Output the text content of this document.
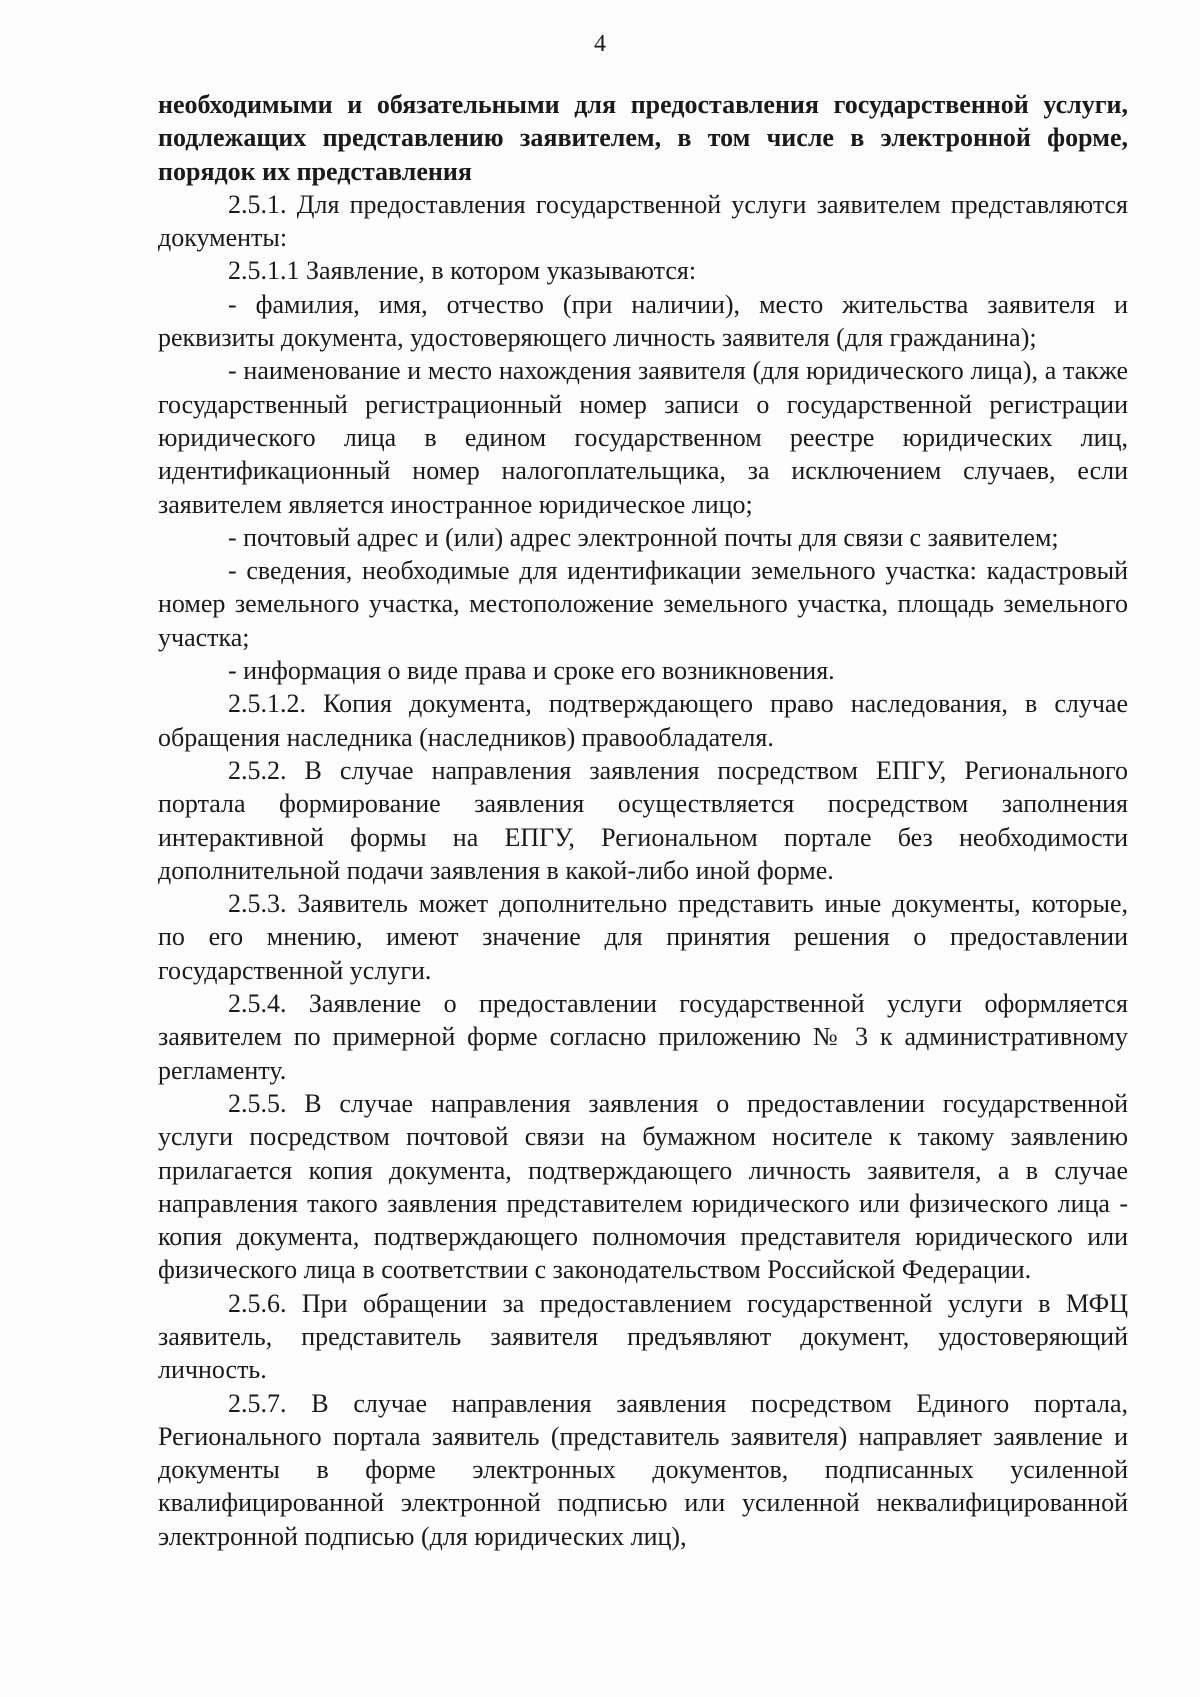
4

необходимыми и обязательными для предоставления государственной услуги, подлежащих представлению заявителем, в том числе в электронной форме, порядок их представления

2.5.1. Для предоставления государственной услуги заявителем представляются документы:

2.5.1.1 Заявление, в котором указываются:

- фамилия, имя, отчество (при наличии), место жительства заявителя и реквизиты документа, удостоверяющего личность заявителя (для гражданина);

- наименование и место нахождения заявителя (для юридического лица), а также государственный регистрационный номер записи о государственной регистрации юридического лица в едином государственном реестре юридических лиц, идентификационный номер налогоплательщика, за исключением случаев, если заявителем является иностранное юридическое лицо;

- почтовый адрес и (или) адрес электронной почты для связи с заявителем;

- сведения, необходимые для идентификации земельного участка: кадастровый номер земельного участка, местоположение земельного участка, площадь земельного участка;

- информация о виде права и сроке его возникновения.

2.5.1.2. Копия документа, подтверждающего право наследования, в случае обращения наследника (наследников) правообладателя.

2.5.2. В случае направления заявления посредством ЕПГУ, Регионального портала формирование заявления осуществляется посредством заполнения интерактивной формы на ЕПГУ, Региональном портале без необходимости дополнительной подачи заявления в какой-либо иной форме.

2.5.3. Заявитель может дополнительно представить иные документы, которые, по его мнению, имеют значение для принятия решения о предоставлении государственной услуги.

2.5.4. Заявление о предоставлении государственной услуги оформляется заявителем по примерной форме согласно приложению № 3 к административному регламенту.

2.5.5. В случае направления заявления о предоставлении государственной услуги посредством почтовой связи на бумажном носителе к такому заявлению прилагается копия документа, подтверждающего личность заявителя, а в случае направления такого заявления представителем юридического или физического лица - копия документа, подтверждающего полномочия представителя юридического или физического лица в соответствии с законодательством Российской Федерации.

2.5.6. При обращении за предоставлением государственной услуги в МФЦ заявитель, представитель заявителя предъявляют документ, удостоверяющий личность.

2.5.7. В случае направления заявления посредством Единого портала, Регионального портала заявитель (представитель заявителя) направляет заявление и документы в форме электронных документов, подписанных усиленной квалифицированной электронной подписью или усиленной неквалифицированной электронной подписью (для юридических лиц),
